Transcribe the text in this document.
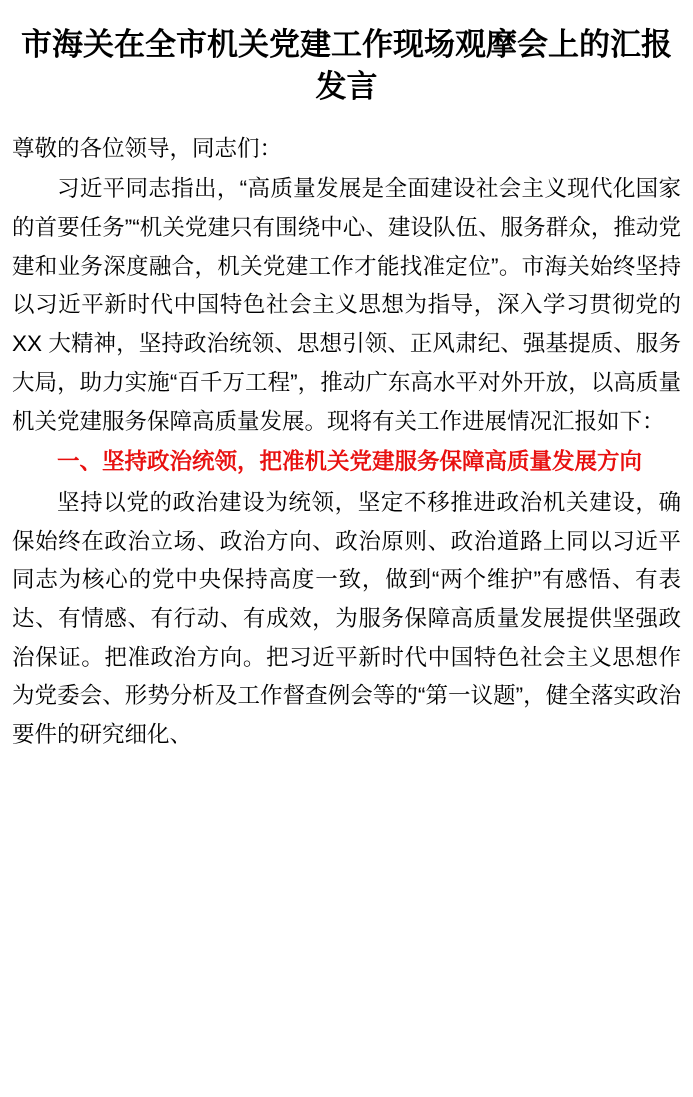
市海关在全市机关党建工作现场观摩会上的汇报发言

尊敬的各位领导，同志们：

习近平同志指出，“高质量发展是全面建设社会主义现代化国家的首要任务”“机关党建只有围绕中心、建设队伍、服务群众，推动党建和业务深度融合，机关党建工作才能找准定位”。市海关始终坚持以习近平新时代中国特色社会主义思想为指导，深入学习贯彻党的 XX 大精神，坚持政治统领、思想引领、正风肃纪、强基提质、服务大局，助力实施“百千万工程”，推动广东高水平对外开放，以高质量机关党建服务保障高质量发展。现将有关工作进展情况汇报如下：

一、坚持政治统领，把准机关党建服务保障高质量发展方向

坚持以党的政治建设为统领，坚定不移推进政治机关建设，确保始终在政治立场、政治方向、政治原则、政治道路上同以习近平同志为核心的党中央保持高度一致，做到“两个维护”有感悟、有表达、有情感、有行动、有成效，为服务保障高质量发展提供坚强政治保证。把准政治方向。把习近平新时代中国特色社会主义思想作为党委会、形势分析及工作督查例会等的“第一议题”，健全落实政治要件的研究细化、
